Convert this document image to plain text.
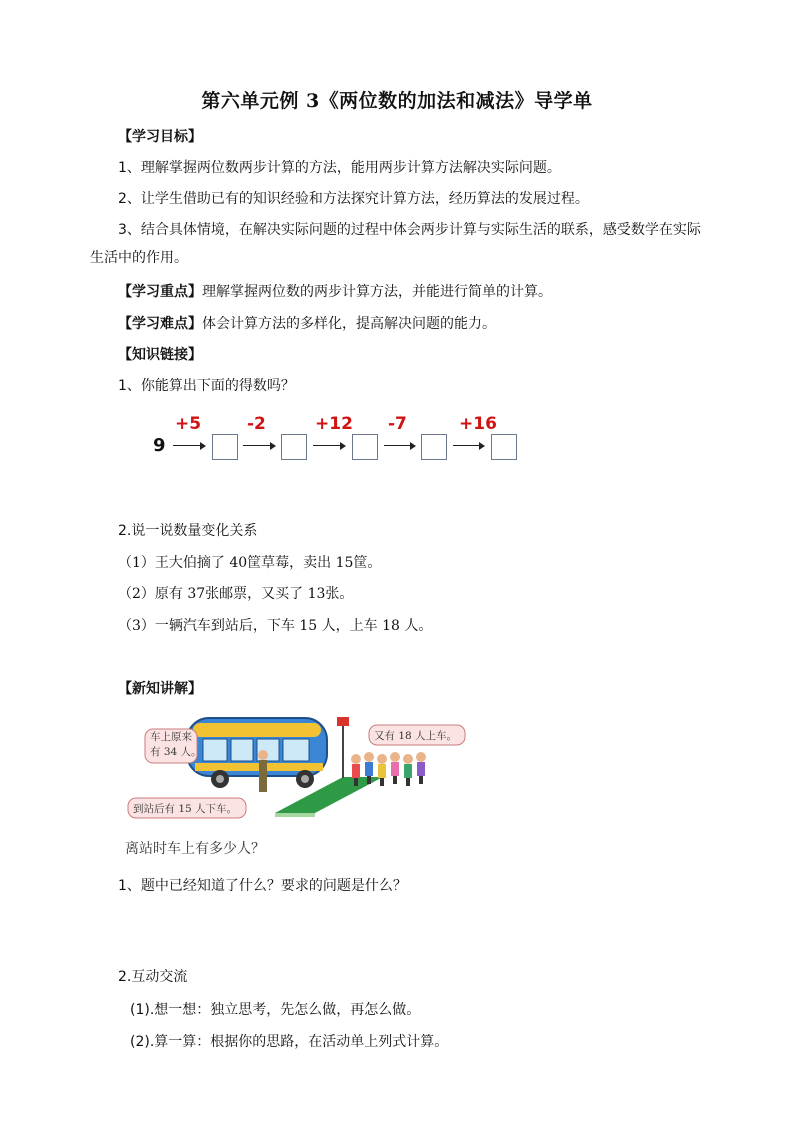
第六单元例 3《两位数的加法和减法》导学单
【学习目标】
1、理解掌握两位数两步计算的方法，能用两步计算方法解决实际问题。
2、让学生借助已有的知识经验和方法探究计算方法，经历算法的发展过程。
3、结合具体情境，在解决实际问题的过程中体会两步计算与实际生活的联系，感受数学在实际
生活中的作用。
【学习重点】理解掌握两位数的两步计算方法，并能进行简单的计算。
【学习难点】体会计算方法的多样化，提高解决问题的能力。
【知识链接】
1、你能算出下面的得数吗？
9
+5	-2	+12 -7	+16
2.说一说数量变化关系
（1）王大伯摘了 40筐草莓，卖出 15筐。
（2）原有 37张邮票，又买了 13张。
（3）一辆汽车到站后，下车 15 人，上车 18 人。
【新知讲解】
车上原来
有 34 人。
又有 18 人上车。
到站后有 15 人下车。
离站时车上有多少人？
1、题中已经知道了什么？要求的问题是什么？
2.互动交流
(1).想一想：独立思考，先怎么做，再怎么做。
(2).算一算：根据你的思路，在活动单上列式计算。
